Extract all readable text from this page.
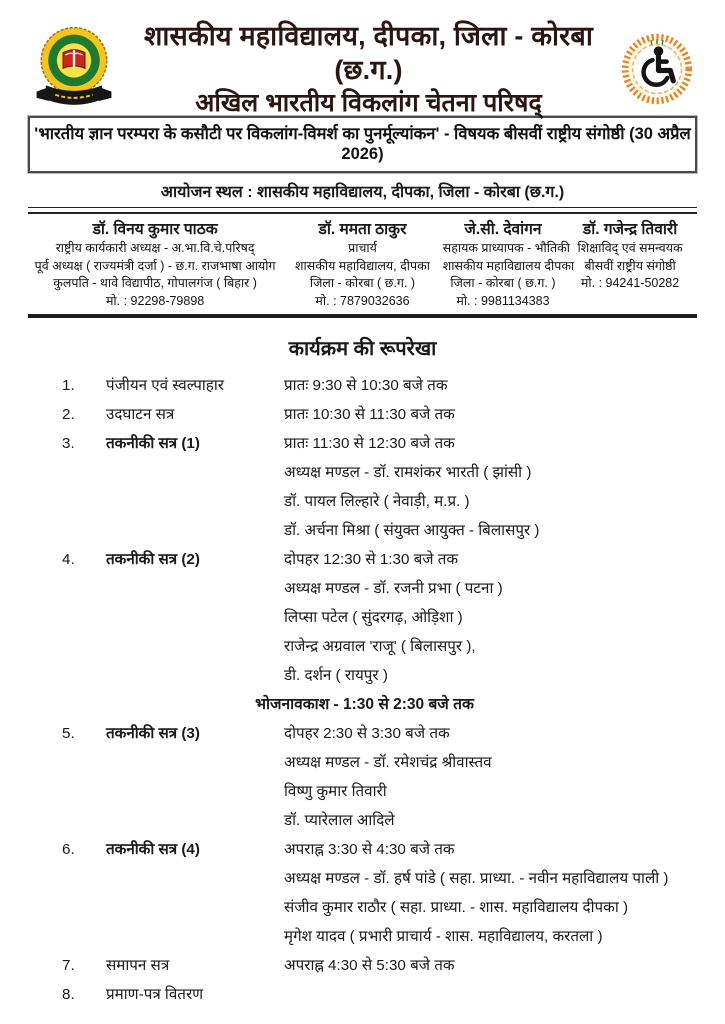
शासकीय महाविद्यालय, दीपका, जिला - कोरबा (छ.ग.)
अखिल भारतीय विकलांग चेतना परिषद्
'भारतीय ज्ञान परम्परा के कसौटी पर विकलांग-विमर्श का पुनर्मूल्यांकन' - विषयक बीसवीं राष्ट्रीय संगोष्ठी (30 अप्रैल 2026)
आयोजन स्थल : शासकीय महाविद्यालय, दीपका, जिला - कोरबा (छ.ग.)
डॉ. विनय कुमार पाठक
राष्ट्रीय कार्यकारी अध्यक्ष - अ.भा.वि.चे.परिषद्
पूर्व अध्यक्ष ( राज्यमंत्री दर्जा ) - छ.ग. राजभाषा आयोग
कुलपति - थावे विद्यापीठ, गोपालगंज ( बिहार )
मो. : 92298-79898
डॉ. ममता ठाकुर
प्राचार्य
शासकीय महाविद्यालय, दीपका
जिला - कोरबा ( छ.ग. )
मो. : 7879032636
जे.सी. देवांगन
सहायक प्राध्यापक - भौतिकी
शासकीय महाविद्यालय दीपका
जिला - कोरबा ( छ.ग. )
मो. : 9981134383
डॉ. गजेन्द्र तिवारी
शिक्षाविद् एवं समन्वयक
बीसवीं राष्ट्रीय संगोष्ठी
मो. : 94241-50282
कार्यक्रम की रूपरेखा
1.	पंजीयन एवं स्वल्पाहार	प्रातः 9:30 से 10:30 बजे तक
2.	उदघाटन सत्र	प्रातः 10:30 से 11:30 बजे तक
3.	तकनीकी सत्र (1)	प्रातः 11:30 से 12:30 बजे तक
अध्यक्ष मण्डल - डॉ. रामशंकर भारती ( झांसी )
डॉ. पायल लिल्हारे ( नेवाड़ी, म.प्र. )
डॉ. अर्चना मिश्रा ( संयुक्त आयुक्त - बिलासपुर )
4.	तकनीकी सत्र (2)	दोपहर 12:30 से 1:30 बजे तक
अध्यक्ष मण्डल - डॉ. रजनी प्रभा ( पटना )
लिप्सा पटेल ( सुंदरगढ़, ओड़िशा )
राजेन्द्र अग्रवाल 'राजू' ( बिलासपुर ),
डी. दर्शन ( रायपुर )
भोजनावकाश - 1:30 से 2:30 बजे तक
5.	तकनीकी सत्र (3)	दोपहर 2:30 से 3:30 बजे तक
अध्यक्ष मण्डल - डॉ. रमेशचंद्र श्रीवास्तव
विष्णु कुमार तिवारी
डॉ. प्यारेलाल आदिले
6.	तकनीकी सत्र (4)	अपराह्न 3:30 से 4:30 बजे तक
अध्यक्ष मण्डल - डॉ. हर्ष पांडे ( सहा. प्राध्या. - नवीन महाविद्यालय पाली )
संजीव कुमार राठौर ( सहा. प्राध्या. - शास. महाविद्यालय दीपका )
मृगेश यादव ( प्रभारी प्राचार्य - शास. महाविद्यालय, करतला )
7.	समापन सत्र	अपराह्न 4:30 से 5:30 बजे तक
8.	प्रमाण-पत्र वितरण
